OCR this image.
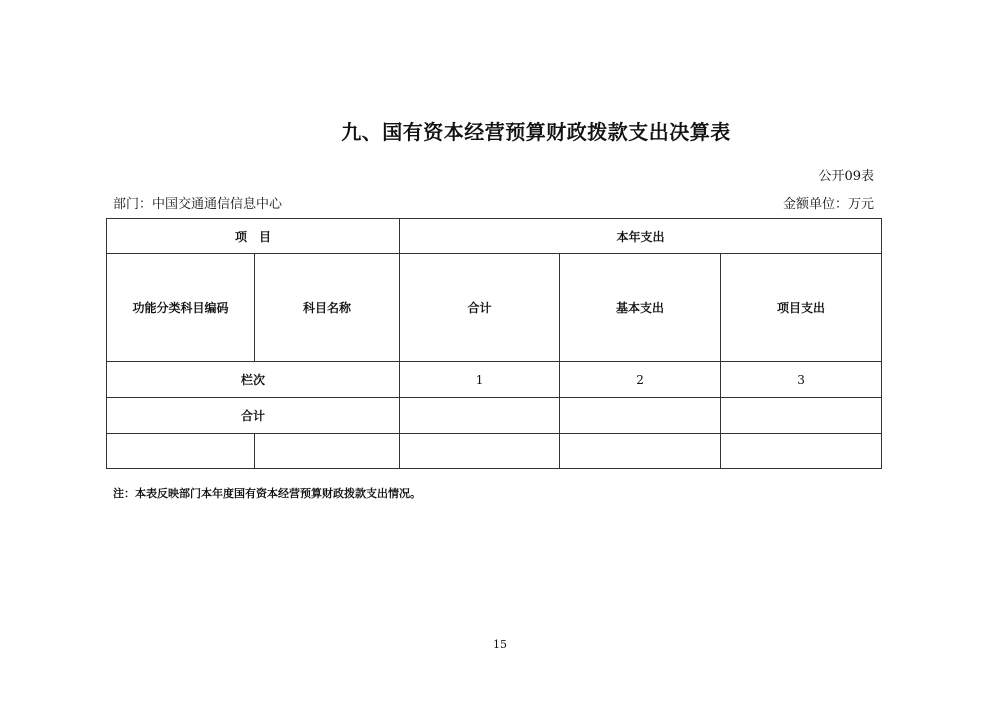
九、国有资本经营预算财政拨款支出决算表
公开09表
部门：中国交通通信信息中心	金额单位：万元
项　目		本年支出		
功能分类科目编码	科目名称	合计	基本支出	项目支出
栏次		1	2	3
合计				

注：本表反映部门本年度国有资本经营预算财政拨款支出情况。
15
